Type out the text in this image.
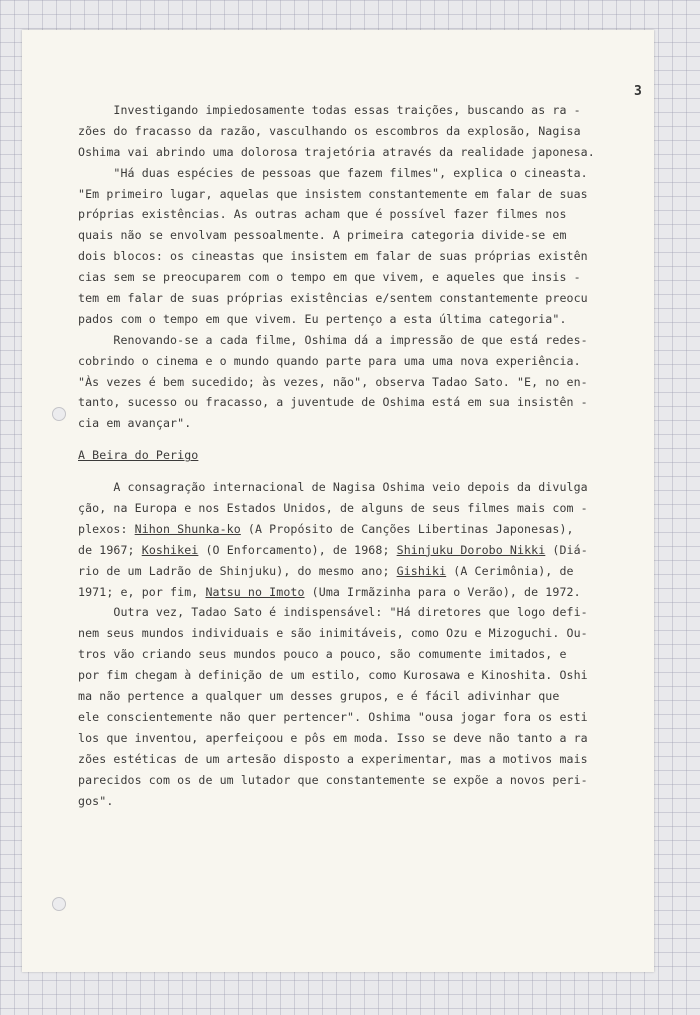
3
Investigando impiedosamente todas essas traições, buscando as ra -
zões do fracasso da razão, vasculhando os escombros da explosão, Nagisa
Oshima vai abrindo uma dolorosa trajetória através da realidade japonesa.
"Há duas espécies de pessoas que fazem filmes", explica o cineasta.
"Em primeiro lugar, aquelas que insistem constantemente em falar de suas
próprias existências. As outras acham que é possível fazer filmes nos
quais não se envolvam pessoalmente. A primeira categoria divide-se em
dois blocos: os cineastas que insistem em falar de suas próprias existên
cias sem se preocuparem com o tempo em que vivem, e aqueles que insis -
tem em falar de suas próprias existências e/sentem constantemente preocu
pados com o tempo em que vivem. Eu pertenço a esta última categoria".
Renovando-se a cada filme, Oshima dá a impressão de que está redes-
cobrindo o cinema e o mundo quando parte para uma uma nova experiência.
"Às vezes é bem sucedido; às vezes, não", observa Tadao Sato. "E, no en-
tanto, sucesso ou fracasso, a juventude de Oshima está em sua insistên -
cia em avançar".
A Beira do Perigo
A consagração internacional de Nagisa Oshima veio depois da divulga
ção, na Europa e nos Estados Unidos, de alguns de seus filmes mais com -
plexos: Nihon Shunka-ko (A Propósito de Canções Libertinas Japonesas),
de 1967; Koshikei (O Enforcamento), de 1968; Shinjuku Dorobo Nikki (Diá-
rio de um Ladrão de Shinjuku), do mesmo ano; Gishiki (A Cerimônia), de
1971; e, por fim, Natsu no Imoto (Uma Irmãzinha para o Verão), de 1972.
Outra vez, Tadao Sato é indispensável: "Há diretores que logo defi-
nem seus mundos individuais e são inimitáveis, como Ozu e Mizoguchi. Ou-
tros vão criando seus mundos pouco a pouco, são comumente imitados, e
por fim chegam à definição de um estilo, como Kurosawa e Kinoshita. Oshi
ma não pertence a qualquer um desses grupos, e é fácil adivinhar que
ele conscientemente não quer pertencer". Oshima "ousa jogar fora os esti
los que inventou, aperfeiçoou e pôs em moda. Isso se deve não tanto a ra
zões estéticas de um artesão disposto a experimentar, mas a motivos mais
parecidos com os de um lutador que constantemente se expõe a novos peri-
gos".
